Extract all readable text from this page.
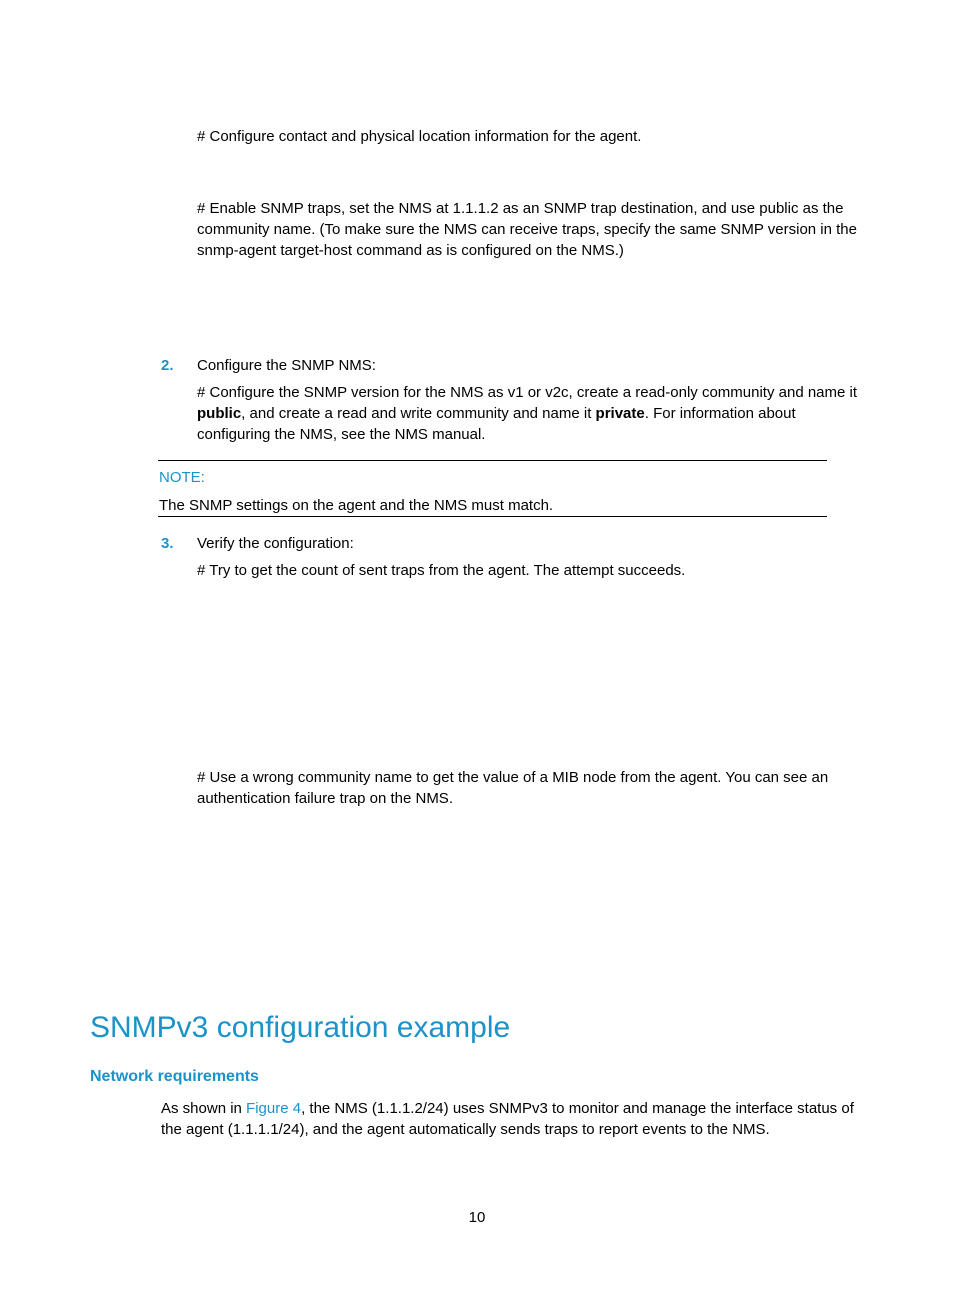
# Configure contact and physical location information for the agent.
# Enable SNMP traps, set the NMS at 1.1.1.2 as an SNMP trap destination, and use public as the community name. (To make sure the NMS can receive traps, specify the same SNMP version in the snmp-agent target-host command as is configured on the NMS.)
2. Configure the SNMP NMS:
# Configure the SNMP version for the NMS as v1 or v2c, create a read-only community and name it public, and create a read and write community and name it private. For information about configuring the NMS, see the NMS manual.
NOTE:
The SNMP settings on the agent and the NMS must match.
3. Verify the configuration:
# Try to get the count of sent traps from the agent. The attempt succeeds.
# Use a wrong community name to get the value of a MIB node from the agent. You can see an authentication failure trap on the NMS.
SNMPv3 configuration example
Network requirements
As shown in Figure 4, the NMS (1.1.1.2/24) uses SNMPv3 to monitor and manage the interface status of the agent (1.1.1.1/24), and the agent automatically sends traps to report events to the NMS.
10
